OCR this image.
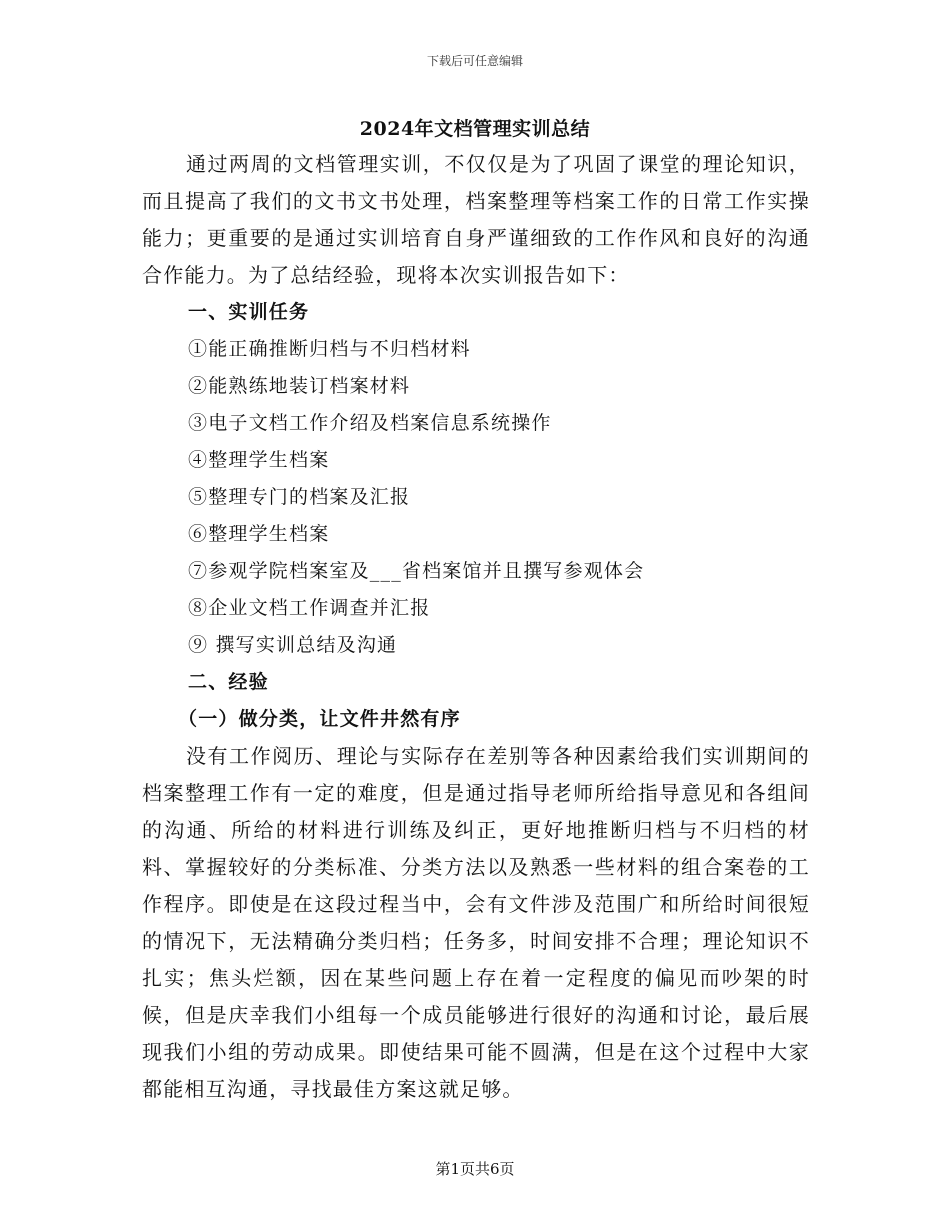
下载后可任意编辑
2024年文档管理实训总结

通过两周的文档管理实训，不仅仅是为了巩固了课堂的理论知识，而且提高了我们的文书文书处理，档案整理等档案工作的日常工作实操能力；更重要的是通过实训培育自身严谨细致的工作作风和良好的沟通合作能力。为了总结经验，现将本次实训报告如下：

一、实训任务

①能正确推断归档与不归档材料

②能熟练地装订档案材料

③电子文档工作介绍及档案信息系统操作

④整理学生档案

⑤整理专门的档案及汇报

⑥整理学生档案

⑦参观学院档案室及___省档案馆并且撰写参观体会

⑧企业文档工作调查并汇报

⑨ 撰写实训总结及沟通

二、经验

（一）做分类，让文件井然有序

没有工作阅历、理论与实际存在差别等各种因素给我们实训期间的档案整理工作有一定的难度，但是通过指导老师所给指导意见和各组间的沟通、所给的材料进行训练及纠正，更好地推断归档与不归档的材料、掌握较好的分类标准、分类方法以及熟悉一些材料的组合案卷的工作程序。即使是在这段过程当中，会有文件涉及范围广和所给时间很短的情况下，无法精确分类归档；任务多，时间安排不合理；理论知识不扎实；焦头烂额，因在某些问题上存在着一定程度的偏见而吵架的时候，但是庆幸我们小组每一个成员能够进行很好的沟通和讨论，最后展现我们小组的劳动成果。即使结果可能不圆满，但是在这个过程中大家都能相互沟通，寻找最佳方案这就足够。

第1页共6页
